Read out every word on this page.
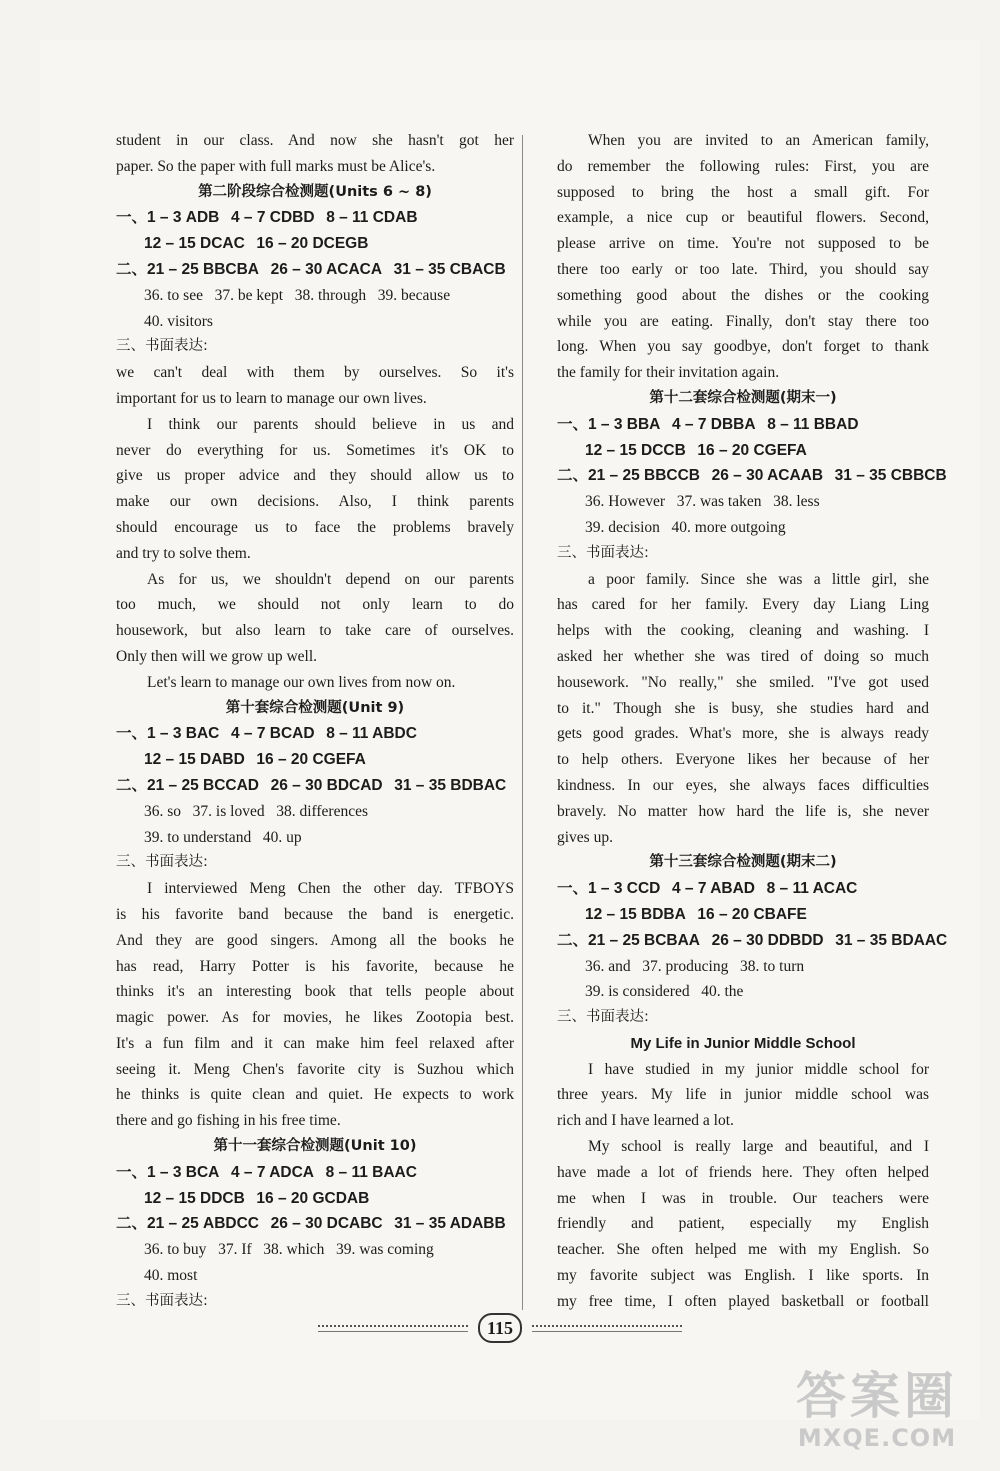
student in our class. And now she hasn't got her

paper. So the paper with full marks must be Alice's.

第二阶段综合检测题(Units 6 ~ 8)

一、1 – 3 ADB 4 – 7 CDBD 8 – 11 CDAB

12 – 15 DCAC 16 – 20 DCEGB

二、21 – 25 BBCBA 26 – 30 ACACA 31 – 35 CBACB

36. to see 37. be kept 38. through 39. because

40. visitors

三、书面表达:

we can't deal with them by ourselves. So it's

important for us to learn to manage our own lives.

I think our parents should believe in us and

never do everything for us. Sometimes it's OK to

give us proper advice and they should allow us to

make our own decisions. Also, I think parents

should encourage us to face the problems bravely

and try to solve them.

As for us, we shouldn't depend on our parents

too much, we should not only learn to do

housework, but also learn to take care of ourselves.

Only then will we grow up well.

Let's learn to manage our own lives from now on.

第十套综合检测题(Unit 9)

一、1 – 3 BAC 4 – 7 BCAD 8 – 11 ABDC

12 – 15 DABD 16 – 20 CGEFA

二、21 – 25 BCCAD 26 – 30 BDCAD 31 – 35 BDBAC

36. so 37. is loved 38. differences

39. to understand 40. up

三、书面表达:

I interviewed Meng Chen the other day. TFBOYS

is his favorite band because the band is energetic.

And they are good singers. Among all the books he

has read, Harry Potter is his favorite, because he

thinks it's an interesting book that tells people about

magic power. As for movies, he likes Zootopia best.

It's a fun film and it can make him feel relaxed after

seeing it. Meng Chen's favorite city is Suzhou which

he thinks is quite clean and quiet. He expects to work

there and go fishing in his free time.

第十一套综合检测题(Unit 10)

一、1 – 3 BCA 4 – 7 ADCA 8 – 11 BAAC

12 – 15 DDCB 16 – 20 GCDAB

二、21 – 25 ABDCC 26 – 30 DCABC 31 – 35 ADABB

36. to buy 37. If 38. which 39. was coming

40. most

三、书面表达:

When you are invited to an American family,

do remember the following rules: First, you are

supposed to bring the host a small gift. For

example, a nice cup or beautiful flowers. Second,

please arrive on time. You're not supposed to be

there too early or too late. Third, you should say

something good about the dishes or the cooking

while you are eating. Finally, don't stay there too

long. When you say goodbye, don't forget to thank

the family for their invitation again.

第十二套综合检测题(期末一)

一、1 – 3 BBA 4 – 7 DBBA 8 – 11 BBAD

12 – 15 DCCB 16 – 20 CGEFA

二、21 – 25 BBCCB 26 – 30 ACAAB 31 – 35 CBBCB

36. However 37. was taken 38. less

39. decision 40. more outgoing

三、书面表达:

a poor family. Since she was a little girl, she

has cared for her family. Every day Liang Ling

helps with the cooking, cleaning and washing. I

asked her whether she was tired of doing so much

housework. "No really," she smiled. "I've got used

to it." Though she is busy, she studies hard and

gets good grades. What's more, she is always ready

to help others. Everyone likes her because of her

kindness. In our eyes, she always faces difficulties

bravely. No matter how hard the life is, she never

gives up.

第十三套综合检测题(期末二)

一、1 – 3 CCD 4 – 7 ABAD 8 – 11 ACAC

12 – 15 BDBA 16 – 20 CBAFE

二、21 – 25 BCBAA 26 – 30 DDBDD 31 – 35 BDAAC

36. and 37. producing 38. to turn

39. is considered 40. the

三、书面表达:

My Life in Junior Middle School

I have studied in my junior middle school for

three years. My life in junior middle school was

rich and I have learned a lot.

My school is really large and beautiful, and I

have made a lot of friends here. They often helped

me when I was in trouble. Our teachers were

friendly and patient, especially my English

teacher. She often helped me with my English. So

my favorite subject was English. I like sports. In

my free time, I often played basketball or football

115
答案圈
MXQE.COM
